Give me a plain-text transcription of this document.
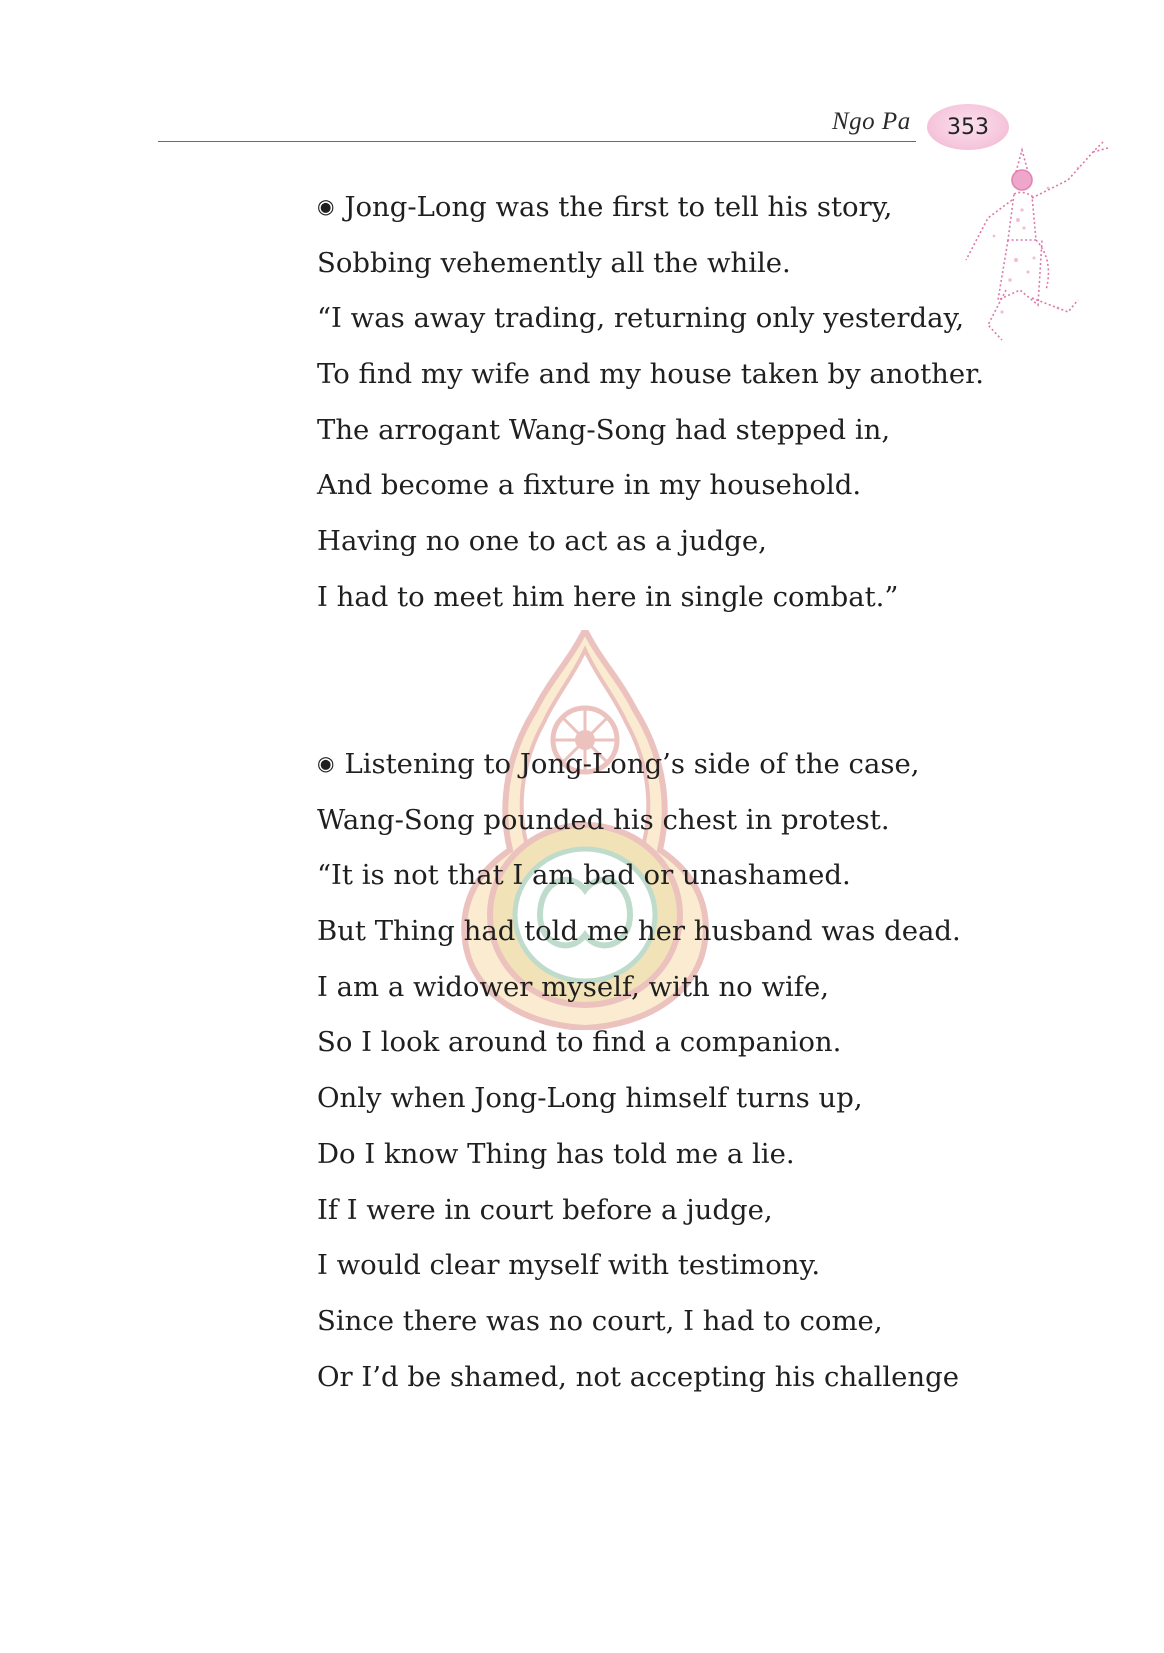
Ngo Pa 353
◉ Jong-Long was the first to tell his story,
Sobbing vehemently all the while.
“I was away trading, returning only yesterday,
To find my wife and my house taken by another.
The arrogant Wang-Song had stepped in,
And become a fixture in my household.
Having no one to act as a judge,
I had to meet him here in single combat.”
◉ Listening to Jong-Long’s side of the case,
Wang-Song pounded his chest in protest.
“It is not that I am bad or unashamed.
But Thing had told me her husband was dead.
I am a widower myself, with no wife,
So I look around to find a companion.
Only when Jong-Long himself turns up,
Do I know Thing has told me a lie.
If I were in court before a judge,
I would clear myself with testimony.
Since there was no court, I had to come,
Or I’d be shamed, not accepting his challenge
